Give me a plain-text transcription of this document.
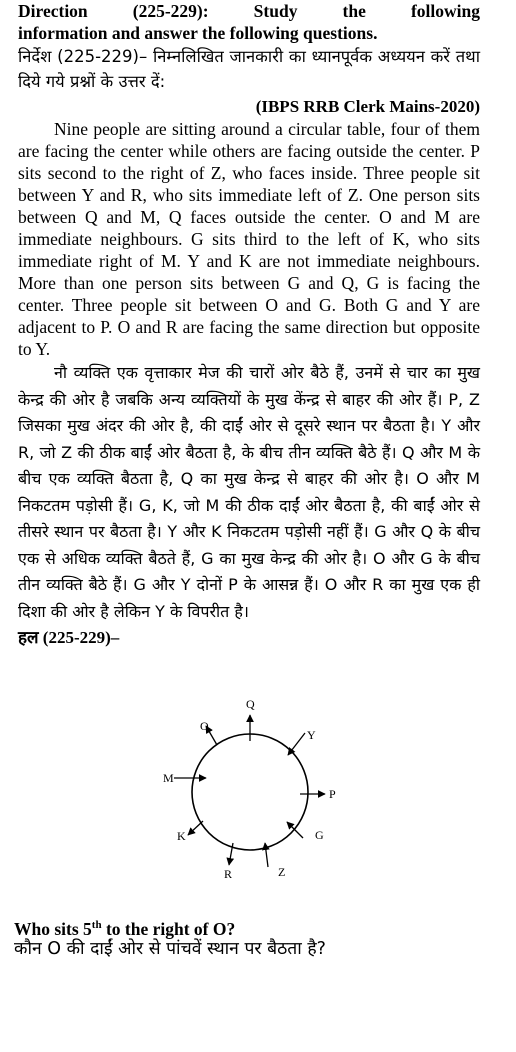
Direction (225-229): Study the following

information and answer the following questions.

निर्देश (225-229)– निम्नलिखित जानकारी का ध्यानपूर्वक अध्ययन करें तथा दिये गये प्रश्नों के उत्तर दें:

(IBPS RRB Clerk Mains-2020)

Nine people are sitting around a circular table, four of them are facing the center while others are facing outside the center. P sits second to the right of Z, who faces inside. Three people sit between Y and R, who sits immediate left of Z. One person sits between Q and M, Q faces outside the center. O and M are immediate neighbours. G sits third to the left of K, who sits immediate right of M. Y and K are not immediate neighbours. More than one person sits between G and Q, G is facing the center. Three people sit between O and G. Both G and Y are adjacent to P. O and R are facing the same direction but opposite to Y.

नौ व्यक्ति एक वृत्ताकार मेज की चारों ओर बैठे हैं, उनमें से चार का मुख केन्द्र की ओर है जबकि अन्य व्यक्तियों के मुख केंन्द्र से बाहर की ओर हैं। P, Z जिसका मुख अंदर की ओर है, की दाईं ओर से दूसरे स्थान पर बैठता है। Y और R, जो Z की ठीक बाईं ओर बैठता है, के बीच तीन व्यक्ति बैठे हैं। Q और M के बीच एक व्यक्ति बैठता है, Q का मुख केन्द्र से बाहर की ओर है। O और M निकटतम पड़ोसी हैं। G, K, जो M की ठीक दाईं ओर बैठता है, की बाईं ओर से तीसरे स्थान पर बैठता है। Y और K निकटतम पड़ोसी नहीं हैं। G और Q के बीच एक से अधिक व्यक्ति बैठते हैं, G का मुख केन्द्र की ओर है। O और G के बीच तीन व्यक्ति बैठे हैं। G और Y दोनों P के आसन्न हैं। O और R का मुख एक ही दिशा की ओर है लेकिन Y के विपरीत है।

हल (225-229)–

Q
Y
P
G
Z
R
K
M
O
Who sits 5th to the right of O?
कौन O की दाईं ओर से पांचवें स्थान पर बैठता है?
